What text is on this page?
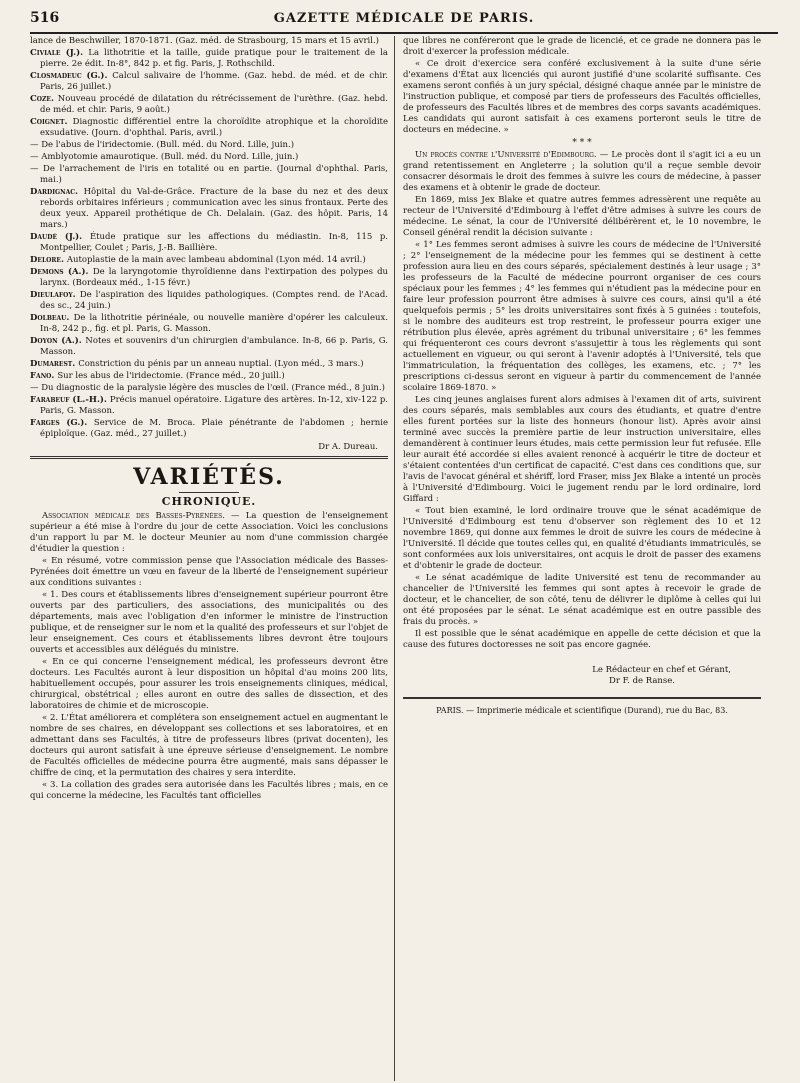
516	GAZETTE MÉDICALE DE PARIS.

lance de Beschwiller, 1870-1871. (Gaz. méd. de Strasbourg, 15 mars et 15 avril.)

Civiale (J.). La lithotritie et la taille, guide pratique pour le traitement de la pierre. 2e édit. In-8°, 842 p. et fig. Paris, J. Rothschild.

Closmadeuc (G.). Calcul salivaire de l'homme. (Gaz. hebd. de méd. et de chir. Paris, 26 juillet.)

Coze. Nouveau procédé de dilatation du rétrécissement de l'urèthre. (Gaz. hebd. de méd. et chir. Paris, 9 août.)

Coignet. Diagnostic différentiel entre la choroïdite atrophique et la choroïdite exsudative. (Journ. d'ophthal. Paris, avril.)

— De l'abus de l'iridectomie. (Bull. méd. du Nord. Lille, juin.)

— Amblyotomie amaurotique. (Bull. méd. du Nord. Lille, juin.)

— De l'arrachement de l'iris en totalité ou en partie. (Journal d'ophthal. Paris, mai.)

Dardignac. Hôpital du Val-de-Grâce. Fracture de la base du nez et des deux rebords orbitaires inférieurs ; communication avec les sinus frontaux. Perte des deux yeux. Appareil prothétique de Ch. Delalain. (Gaz. des hôpit. Paris, 14 mars.)

Daudé (J.). Étude pratique sur les affections du médiastin. In-8, 115 p. Montpellier, Coulet ; Paris, J.-B. Baillière.

Delore. Autoplastie de la main avec lambeau abdominal (Lyon méd. 14 avril.)

Demons (A.). De la laryngotomie thyroïdienne dans l'extirpation des polypes du larynx. (Bordeaux méd., 1-15 févr.)

Dieulafoy. De l'aspiration des liquides pathologiques. (Comptes rend. de l'Acad. des sc., 24 juin.)

Dolbeau. De la lithotritie périnéale, ou nouvelle manière d'opérer les calculeux. In-8, 242 p., fig. et pl. Paris, G. Masson.

Doyon (A.). Notes et souvenirs d'un chirurgien d'ambulance. In-8, 66 p. Paris, G. Masson.

Dumarest. Constriction du pénis par un anneau nuptial. (Lyon méd., 3 mars.)

Fano. Sur les abus de l'iridectomie. (France méd., 20 juill.)

— Du diagnostic de la paralysie légère des muscles de l'œil. (France méd., 8 juin.)

Farabeuf (L.-H.). Précis manuel opératoire. Ligature des artères. In-12, xiv-122 p. Paris, G. Masson.

Farges (G.). Service de M. Broca. Plaie pénétrante de l'abdomen ; hernie épiploïque. (Gaz. méd., 27 juillet.)

Dr A. Dureau.
VARIÉTÉS.
CHRONIQUE.

Association médicale des Basses-Pyrénées. — La question de l'enseignement supérieur a été mise à l'ordre du jour de cette Association. Voici les conclusions d'un rapport lu par M. le docteur Meunier au nom d'une commission chargée d'étudier la question :

« En résumé, votre commission pense que l'Association médicale des Basses-Pyrénées doit émettre un vœu en faveur de la liberté de l'enseignement supérieur aux conditions suivantes :

« 1. Des cours et établissements libres d'enseignement supérieur pourront être ouverts par des particuliers, des associations, des municipalités ou des départements, mais avec l'obligation d'en informer le ministre de l'instruction publique, et de renseigner sur le nom et la qualité des professeurs et sur l'objet de leur enseignement. Ces cours et établissements libres devront être toujours ouverts et accessibles aux délégués du ministre.

« En ce qui concerne l'enseignement médical, les professeurs devront être docteurs. Les Facultés auront à leur disposition un hôpital d'au moins 200 lits, habituellement occupés, pour assurer les trois enseignements cliniques, médical, chirurgical, obstétrical ; elles auront en outre des salles de dissection, et des laboratoires de chimie et de microscopie.

« 2. L'État améliorera et complétera son enseignement actuel en augmentant le nombre de ses chaires, en développant ses collections et ses laboratoires, et en admettant dans ses Facultés, à titre de professeurs libres (privat docenten), les docteurs qui auront satisfait à une épreuve sérieuse d'enseignement. Le nombre de Facultés officielles de médecine pourra être augmenté, mais sans dépasser le chiffre de cinq, et la permutation des chaires y sera interdite.

« 3. La collation des grades sera autorisée dans les Facultés libres ; mais, en ce qui concerne la médecine, les Facultés tant officielles

que libres ne conféreront que le grade de licencié, et ce grade ne donnera pas le droit d'exercer la profession médicale.

« Ce droit d'exercice sera conféré exclusivement à la suite d'une série d'examens d'État aux licenciés qui auront justifié d'une scolarité suffisante. Ces examens seront confiés à un jury spécial, désigné chaque année par le ministre de l'instruction publique, et composé par tiers de professeurs des Facultés officielles, de professeurs des Facultés libres et de membres des corps savants académiques. Les candidats qui auront satisfait à ces examens porteront seuls le titre de docteurs en médecine. »

* * *

Un procès contre l'Université d'Edimbourg. — Le procès dont il s'agit ici a eu un grand retentissement en Angleterre ; la solution qu'il a reçue semble devoir consacrer désormais le droit des femmes à suivre les cours de médecine, à passer des examens et à obtenir le grade de docteur.

En 1869, miss Jex Blake et quatre autres femmes adressèrent une requête au recteur de l'Université d'Edimbourg à l'effet d'être admises à suivre les cours de médecine. Le sénat, la cour de l'Université délibérèrent et, le 10 novembre, le Conseil général rendit la décision suivante :

« 1° Les femmes seront admises à suivre les cours de médecine de l'Université ; 2° l'enseignement de la médecine pour les femmes qui se destinent à cette profession aura lieu en des cours séparés, spécialement destinés à leur usage ; 3° les professeurs de la Faculté de médecine pourront organiser de ces cours spéciaux pour les femmes ; 4° les femmes qui n'étudient pas la médecine pour en faire leur profession pourront être admises à suivre ces cours, ainsi qu'il a été quelquefois permis ; 5° les droits universitaires sont fixés à 5 guinées : toutefois, si le nombre des auditeurs est trop restreint, le professeur pourra exiger une rétribution plus élevée, après agrément du tribunal universitaire ; 6° les femmes qui fréquenteront ces cours devront s'assujettir à tous les règlements qui sont actuellement en vigueur, ou qui seront à l'avenir adoptés à l'Université, tels que l'immatriculation, la fréquentation des collèges, les examens, etc. ; 7° les prescriptions ci-dessus seront en vigueur à partir du commencement de l'année scolaire 1869-1870. »

Les cinq jeunes anglaises furent alors admises à l'examen dit of arts, suivirent des cours séparés, mais semblables aux cours des étudiants, et quatre d'entre elles furent portées sur la liste des honneurs (honour list). Après avoir ainsi terminé avec succès la première partie de leur instruction universitaire, elles demandèrent à continuer leurs études, mais cette permission leur fut refusée. Elle leur aurait été accordée si elles avaient renoncé à acquérir le titre de docteur et s'étaient contentées d'un certificat de capacité. C'est dans ces conditions que, sur l'avis de l'avocat général et shériff, lord Fraser, miss Jex Blake a intenté un procès à l'Université d'Edimbourg. Voici le jugement rendu par le lord ordinaire, lord Giffard :

« Tout bien examiné, le lord ordinaire trouve que le sénat académique de l'Université d'Edimbourg est tenu d'observer son règlement des 10 et 12 novembre 1869, qui donne aux femmes le droit de suivre les cours de médecine à l'Université. Il décide que toutes celles qui, en qualité d'étudiants immatriculés, se sont conformées aux lois universitaires, ont acquis le droit de passer des examens et d'obtenir le grade de docteur.

« Le sénat académique de ladite Université est tenu de recommander au chancelier de l'Université les femmes qui sont aptes à recevoir le grade de docteur, et le chancelier, de son côté, tenu de délivrer le diplôme à celles qui lui ont été proposées par le sénat. Le sénat académique est en outre passible des frais du procès. »

Il est possible que le sénat académique en appelle de cette décision et que la cause des futures doctoresses ne soit pas encore gagnée.

Le Rédacteur en chef et Gérant,
Dr F. de Ranse.
PARIS. — Imprimerie médicale et scientifique (Durand), rue du Bac, 83.
